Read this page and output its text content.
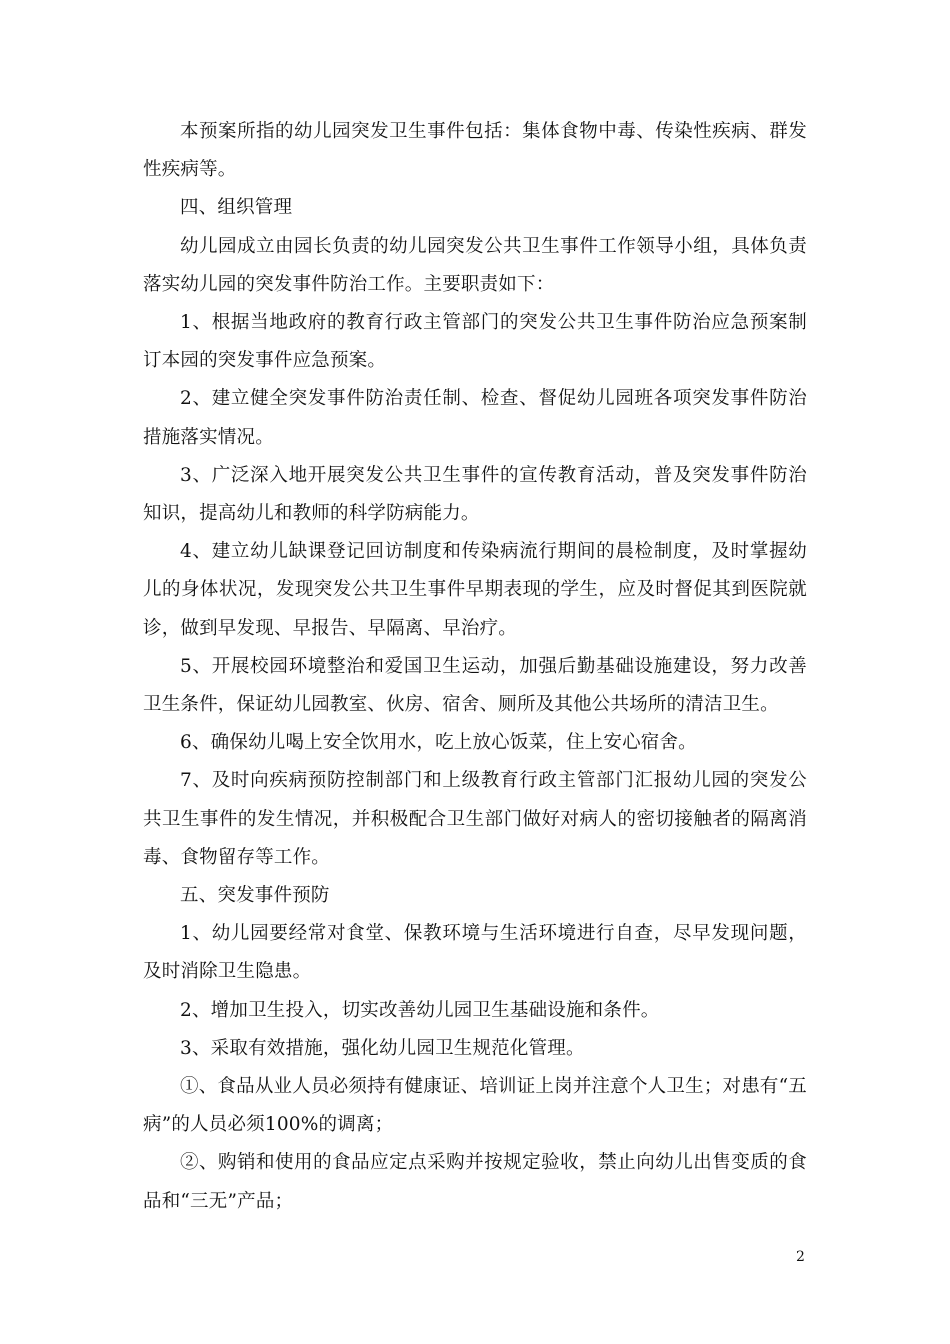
本预案所指的幼儿园突发卫生事件包括：集体食物中毒、传染性疾病、群发性疾病等。

四、组织管理

幼儿园成立由园长负责的幼儿园突发公共卫生事件工作领导小组，具体负责落实幼儿园的突发事件防治工作。主要职责如下：

1、根据当地政府的教育行政主管部门的突发公共卫生事件防治应急预案制订本园的突发事件应急预案。

2、建立健全突发事件防治责任制、检查、督促幼儿园班各项突发事件防治措施落实情况。

3、广泛深入地开展突发公共卫生事件的宣传教育活动，普及突发事件防治知识，提高幼儿和教师的科学防病能力。

4、建立幼儿缺课登记回访制度和传染病流行期间的晨检制度，及时掌握幼儿的身体状况，发现突发公共卫生事件早期表现的学生，应及时督促其到医院就诊，做到早发现、早报告、早隔离、早治疗。

5、开展校园环境整治和爱国卫生运动，加强后勤基础设施建设，努力改善卫生条件，保证幼儿园教室、伙房、宿舍、厕所及其他公共场所的清洁卫生。

6、确保幼儿喝上安全饮用水，吃上放心饭菜，住上安心宿舍。

7、及时向疾病预防控制部门和上级教育行政主管部门汇报幼儿园的突发公共卫生事件的发生情况，并积极配合卫生部门做好对病人的密切接触者的隔离消毒、食物留存等工作。

五、突发事件预防

1、幼儿园要经常对食堂、保教环境与生活环境进行自查，尽早发现问题，及时消除卫生隐患。

2、增加卫生投入，切实改善幼儿园卫生基础设施和条件。

3、采取有效措施，强化幼儿园卫生规范化管理。

①、食品从业人员必须持有健康证、培训证上岗并注意个人卫生；对患有“五病”的人员必须100%的调离；

②、购销和使用的食品应定点采购并按规定验收，禁止向幼儿出售变质的食品和“三无”产品；

2
